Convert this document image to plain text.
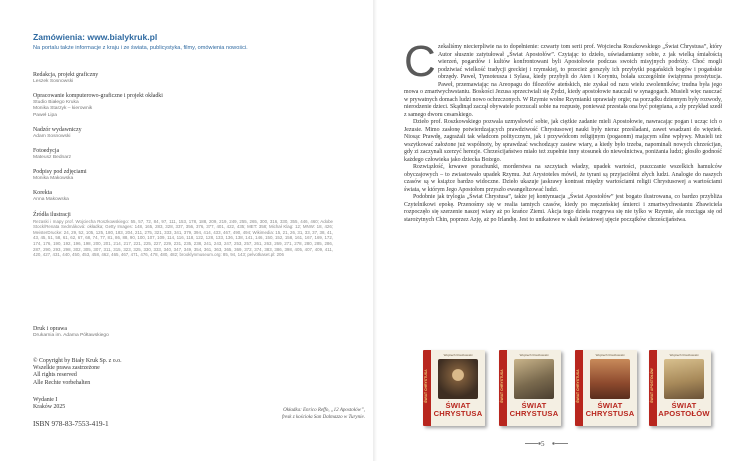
Zamówienia: www.bialykruk.pl
Na portalu także informacje z kraju i ze świata, publicystyka, filmy, omówienia nowości.
Redakcja, projekt graficzny
Leszek Sosnowski
Opracowanie komputerowo-graficzne i projekt okładki
Studio Białego Kruka
Monika Starzyk – kierownik
Paweł Lipa
Nadzór wydawniczy
Adam Sosnowski
Fotoedycja
Mateusz Bednarz
Podpisy pod zdjęciami
Monika Makowska
Korekta
Anna Makowska
Źródła ilustracji
Rezaski i mapy prof. Wojciecha Roszkowskiego: 55, 57, 72, 84, 97, 111, 153, 178, 188, 209, 219, 249, 255, 265, 300, 316, 330, 355, 446, 460; Adobe Stock/Renata Sedmáková: okładka; Getty Images: 148, 165, 283, 328, 337, 356, 376, 377, 401, 422, 435; MET: 358; Michał Klag: 12; MNW: 18, 426; MeisterDrucke: 24, 29, 52, 105, 125, 180, 183, 204, 211, 275, 321, 333, 341, 379, 394, 414, 433, 467, 490, 494; Wikimedia: 15, 21, 26, 31, 33, 37, 38, 41, 43, 45, 51, 58, 61, 62, 67, 68, 74, 77, 81, 86, 88, 90, 100, 107, 109, 114, 116, 118, 122, 128, 133, 136, 138, 141, 146, 150, 152, 158, 161, 167, 169, 172, 174, 176, 190, 192, 196, 198, 200, 201, 214, 217, 221, 225, 227, 229, 231, 235, 238, 241, 243, 247, 253, 257, 261, 263, 269, 271, 278, 280, 285, 286, 287, 290, 293, 298, 302, 305, 307, 311, 315, 323, 325, 330, 333, 340, 347, 349, 354, 361, 363, 365, 369, 372, 374, 383, 386, 398, 405, 407, 409, 411, 420, 427, 431, 440, 450, 453, 458, 462, 465, 467, 471, 476, 478, 480, 482; brooklynmuseum.org: 85, 94, 143; pelvotkaset.pl: 206
Druk i oprawa
Drukarnia im. Adama Półtawskiego
© Copyright by Biały Kruk Sp. z o.o.
Wszelkie prawa zastrzeżone
All rights reserved
Alle Rechte vorbehalten
Wydanie I
Kraków 2025
ISBN 978-83-7553-419-1
Okładka: Enrico Reffo, „12 Apostołów”,
fresk z kościoła San Dalmazzo w Turynie.
C zekaliśmy niecierpliwie na to dopełnienie: czwarty tom serii prof. Wojciecha Roszkowskiego „Świat Chrystusa”, który Autor słusznie zatytułował „Świat Apostołów”. Czytając to dzieło, uświadamiamy sobie, z jak wielką śmiałością wierzeń, pogardów i kultów konfrontowani byli Apostołowie podczas swoich misyjnych podróży. Choć mogli podziwiać wielkość tradycji greckiej i rzymskiej, to przecież gorszyły ich przybytki pogańskich bogów i pogańskie obrzędy. Paweł, Tymoteusza i Sylasa, kiedy przybyli do Aten i Koryntu, bolała szczególnie świątynna prostytucja. Paweł, przemawiając na Areopagu do filozofów ateńskich, nie zyskał od razu wielu zwolenników; trudna była jego mowa o zmartwychwstaniu. Boskości Jezusa sprzeciwiali się Żydzi, kiedy apostołowie nauczali w synagogach. Musieli więc nauczać w prywatnych domach ludzi nowo ochrzczonych. W Rzymie wolne Rzymianki uprawiały orgie; na porządku dziennym były rozwody, nierodzenie dzieci. Skądinąd zaczął obywatele porzucali sobie na rozpustę, ponieważ przestała ona być potępiana, a zły przykład szedł z samego dworu cesarskiego.

Dzieło prof. Roszkowskiego pozwala uzmysłowić sobie, jak ciężkie zadanie mieli Apostołowie, nawracając pogan i ucząc ich o Jezusie. Mimo zasłonę potwierdzających prawdziwość Chrystusowej nauki były nieraz prześladani, zawet wsadzani do więzień. Niosąc Prawdę, zagrażali tak władcom politycznym, jak i przywódcom religijnym (pogaonm) mającym silne wpływy. Musieli też wszytkować założone już wspólnoty, by sprawdzać wschodzący zasiew wiary, a kiedy było trzeba, napominali nowych chrześcijan, gdy zi zaczynali szerzyć herezje. Chrześcijaństwo miało też zupełnie inny stosunek do niewolnictwa, poniżania ludzi; głosiło godność każdego człowieka jako dziecka Bożego.

Rozwiązłość, krwawe porachunki, morderstwa na szczytach władzy, upadek wartości, puszczanie wszelkich hamulców obyczajowych – to zwiastowało upadek Rzymu. Już Arystoteles mówił, że tyrani są przyjaciółmi złych ludzi. Analogie do naszych czasów są w książce bardzo widoczne. Dzieło ukazuje jaskrawy kontrast między wartościami religii Chrystusowej a wartościami świata, w którym Jego Apostołom przyszło ewangelizować ludzi.

Podobnie jak trylogia „Świat Chrystusa”, także jej kontynuacja „Świat Apostołów” jest bogato ilustrowana, co bardzo przybliża Czytelnikowi epokę. Przenośmy się w realia tamtych czasów, kiedy po męczeńskiej śmierci i zmartwychwstaniu Zbawiciela rozpoczęło się szerzenie naszej wiary aż po krańce Ziemi. Akcja tego dzieła rozgrywa się nie tylko w Rzymie, ale rozciąga się od starożytnych Chin, poprzez Azję, aż po Irlandię. Jest to unikatowe w skali światowej ujęcie początków chrześcijaństwa.

ŚWIAT CHRYSTUSA
Wojciech Roszkowski
ŚWIAT
CHRYSTUSA
ŚWIAT CHRYSTUSA
Wojciech Roszkowski
ŚWIAT
CHRYSTUSA
ŚWIAT CHRYSTUSA
Wojciech Roszkowski
ŚWIAT
CHRYSTUSA
ŚWIAT APOSTOŁÓW
Wojciech Roszkowski
ŚWIAT
APOSTOŁÓW
5
